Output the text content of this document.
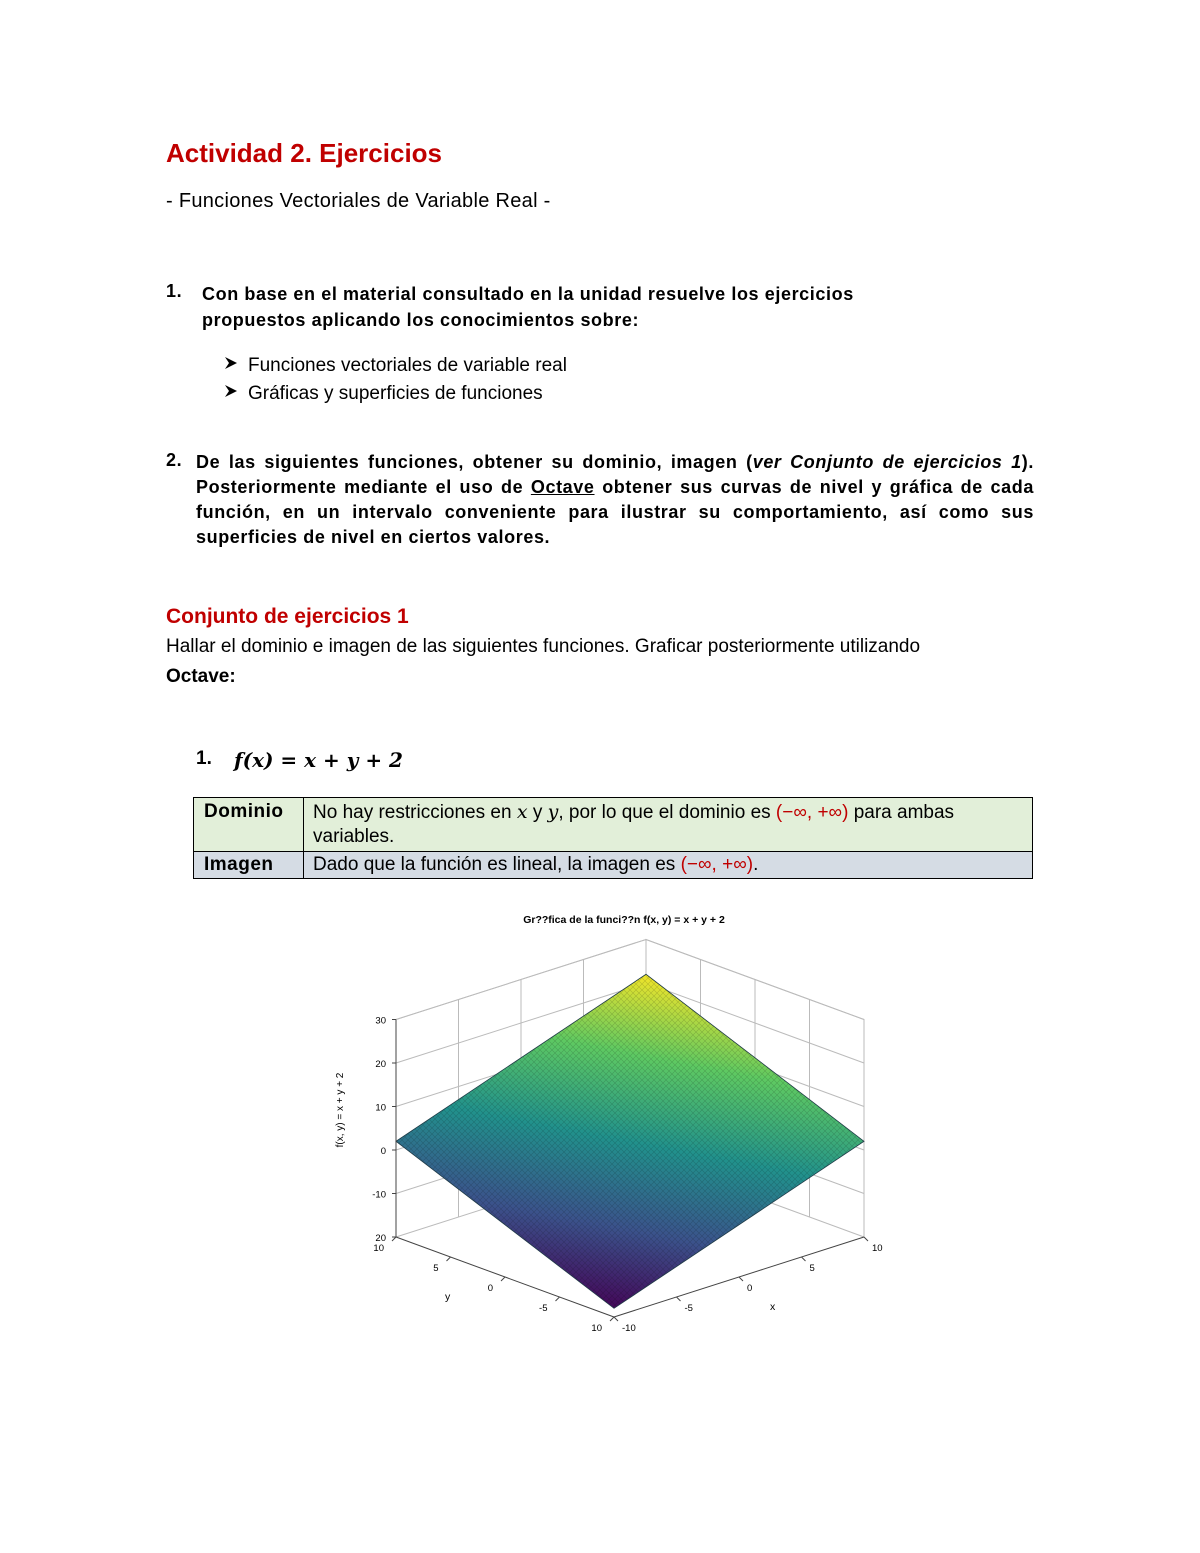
Actividad 2. Ejercicios
- Funciones Vectoriales de Variable Real -
1. Con base en el material consultado en la unidad resuelve los ejercicios propuestos aplicando los conocimientos sobre:
Funciones vectoriales de variable real
Gráficas y superficies de funciones
2. De las siguientes funciones, obtener su dominio, imagen (ver Conjunto de ejercicios 1). Posteriormente mediante el uso de Octave obtener sus curvas de nivel y gráfica de cada función, en un intervalo conveniente para ilustrar su comportamiento, así como sus superficies de nivel en ciertos valores.
Conjunto de ejercicios 1
Hallar el dominio e imagen de las siguientes funciones. Graficar posteriormente utilizando Octave:
1. f(x) = x + y + 2
Dominio	No hay restricciones en x y y, por lo que el dominio es (−∞, +∞) para ambas variables.
Imagen	Dado que la función es lineal, la imagen es (−∞, +∞).
-10
-5
0
5
10
10
5
0
-5
10
30
20
10
0
-10
20
Gr??fica de la funci??n f(x, y) = x + y + 2
x
y
f(x, y) = x + y + 2
